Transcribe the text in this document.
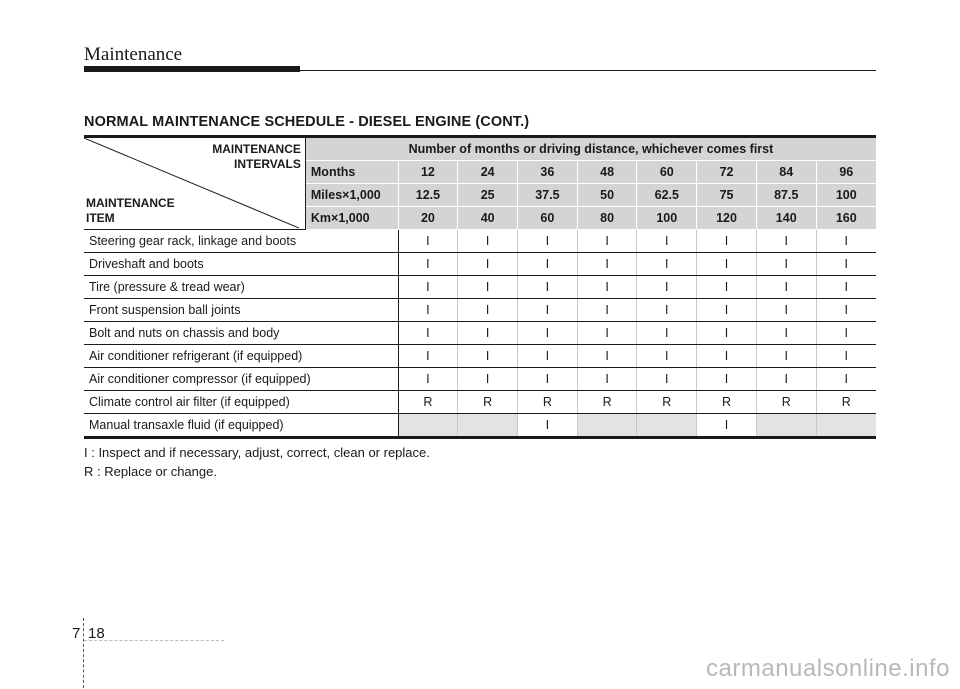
Maintenance
NORMAL MAINTENANCE SCHEDULE - DIESEL ENGINE (CONT.)
MAINTENANCE
INTERVALS
MAINTENANCE
ITEM	Number of months or driving distance, whichever comes first								
	Months	12	24	36	48	60	72	84	96
	Miles×1,000	12.5	25	37.5	50	62.5	75	87.5	100
	Km×1,000	20	40	60	80	100	120	140	160
Steering gear rack, linkage and boots		I	I	I	I	I	I	I	I
Driveshaft and boots		I	I	I	I	I	I	I	I
Tire (pressure & tread wear)		I	I	I	I	I	I	I	I
Front suspension ball joints		I	I	I	I	I	I	I	I
Bolt and nuts on chassis and body		I	I	I	I	I	I	I	I
Air conditioner refrigerant (if equipped)		I	I	I	I	I	I	I	I
Air conditioner compressor (if equipped)		I	I	I	I	I	I	I	I
Climate control air filter (if equipped)		R	R	R	R	R	R	R	R
Manual transaxle fluid (if equipped)				I			I		
I : Inspect and if necessary, adjust, correct, clean or replace.
R : Replace or change.
7 18
carmanualsonline.info
